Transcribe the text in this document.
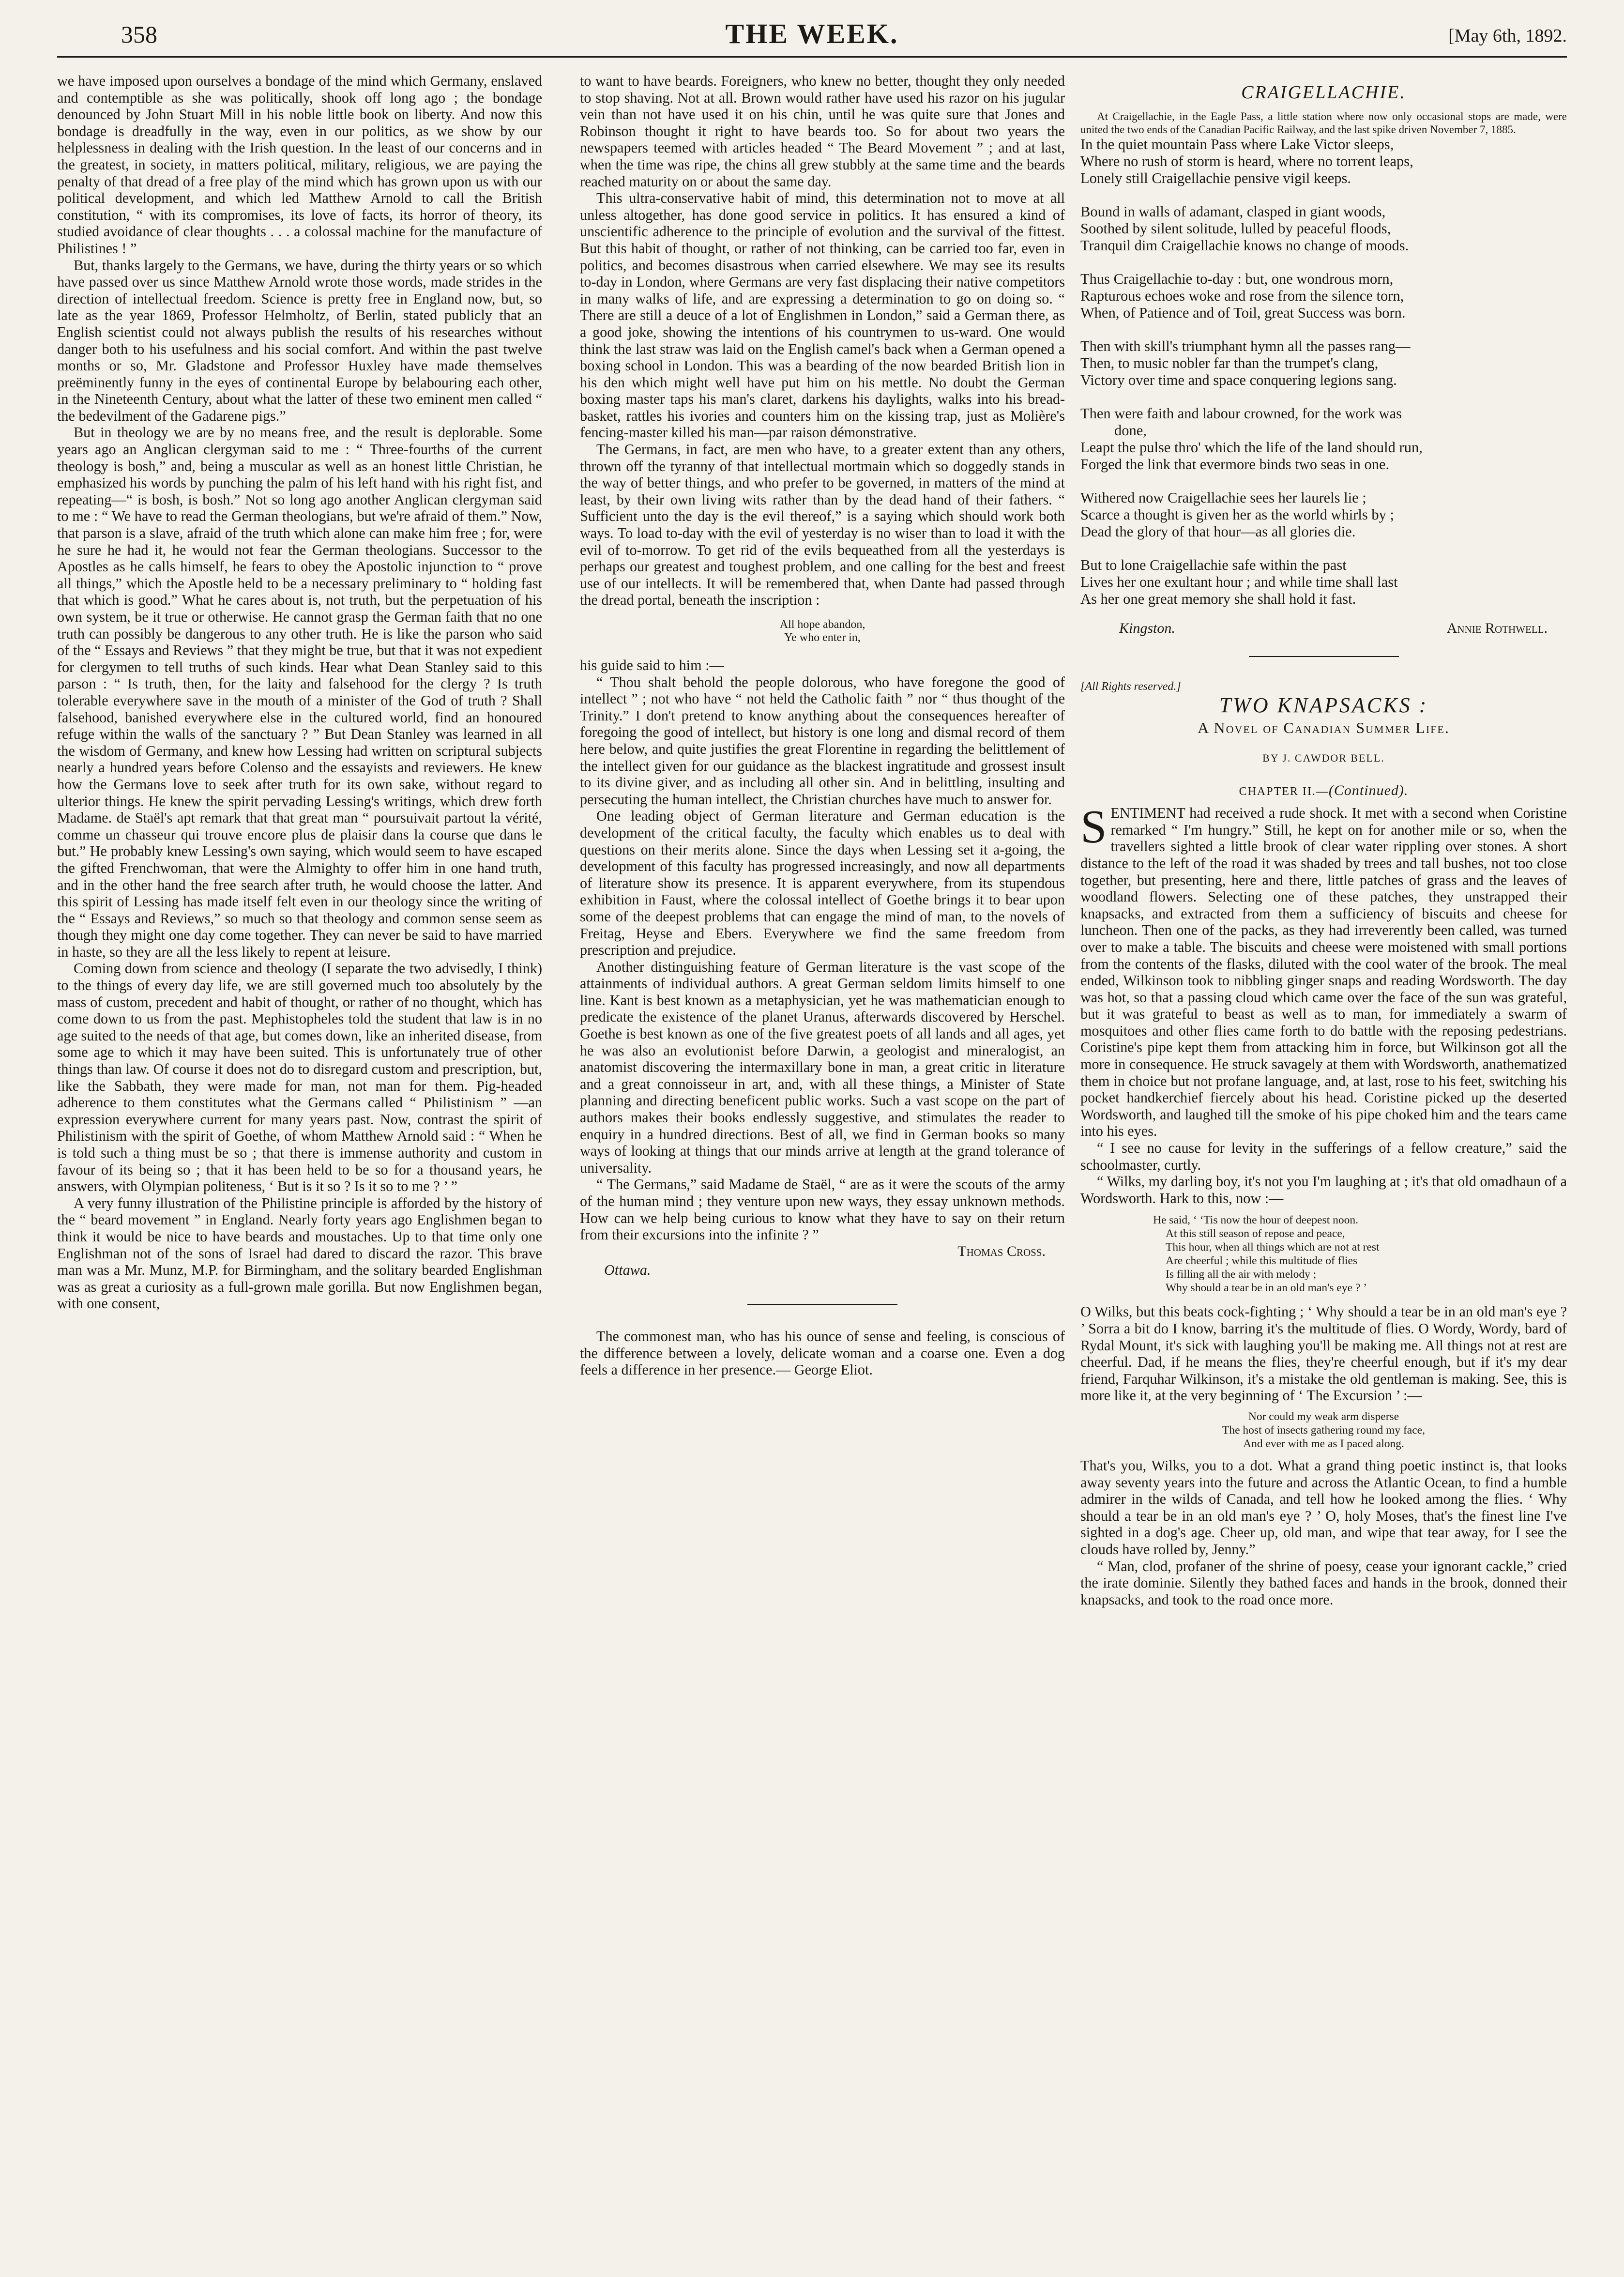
358	THE WEEK.	[May 6th, 1892.

we have imposed upon ourselves a bondage of the mind which Germany, enslaved and contemptible as she was politically, shook off long ago ; the bondage denounced by John Stuart Mill in his noble little book on liberty. And now this bondage is dreadfully in the way, even in our politics, as we show by our helplessness in dealing with the Irish question. In the least of our concerns and in the greatest, in society, in matters political, military, religious, we are paying the penalty of that dread of a free play of the mind which has grown upon us with our political development, and which led Matthew Arnold to call the British constitution, “ with its compromises, its love of facts, its horror of theory, its studied avoidance of clear thoughts . . . a colossal machine for the manufacture of Philistines ! ”

But, thanks largely to the Germans, we have, during the thirty years or so which have passed over us since Matthew Arnold wrote those words, made strides in the direction of intellectual freedom. Science is pretty free in England now, but, so late as the year 1869, Professor Helmholtz, of Berlin, stated publicly that an English scientist could not always publish the results of his researches without danger both to his usefulness and his social comfort. And within the past twelve months or so, Mr. Gladstone and Professor Huxley have made themselves preëminently funny in the eyes of continental Europe by belabouring each other, in the Nineteenth Century, about what the latter of these two eminent men called “ the bedevilment of the Gadarene pigs.”

But in theology we are by no means free, and the result is deplorable. Some years ago an Anglican clergyman said to me : “ Three-fourths of the current theology is bosh,” and, being a muscular as well as an honest little Christian, he emphasized his words by punching the palm of his left hand with his right fist, and repeating—“ is bosh, is bosh.” Not so long ago another Anglican clergyman said to me : “ We have to read the German theologians, but we're afraid of them.” Now, that parson is a slave, afraid of the truth which alone can make him free ; for, were he sure he had it, he would not fear the German theologians. Successor to the Apostles as he calls himself, he fears to obey the Apostolic injunction to “ prove all things,” which the Apostle held to be a necessary preliminary to “ holding fast that which is good.” What he cares about is, not truth, but the perpetuation of his own system, be it true or otherwise. He cannot grasp the German faith that no one truth can possibly be dangerous to any other truth. He is like the parson who said of the “ Essays and Reviews ” that they might be true, but that it was not expedient for clergymen to tell truths of such kinds. Hear what Dean Stanley said to this parson : “ Is truth, then, for the laity and falsehood for the clergy ? Is truth tolerable everywhere save in the mouth of a minister of the God of truth ? Shall falsehood, banished everywhere else in the cultured world, find an honoured refuge within the walls of the sanctuary ? ” But Dean Stanley was learned in all the wisdom of Germany, and knew how Lessing had written on scriptural subjects nearly a hundred years before Colenso and the essayists and reviewers. He knew how the Germans love to seek after truth for its own sake, without regard to ulterior things. He knew the spirit pervading Lessing's writings, which drew forth Madame. de Staël's apt remark that that great man “ poursuivait partout la vérité, comme un chasseur qui trouve encore plus de plaisir dans la course que dans le but.” He probably knew Lessing's own saying, which would seem to have escaped the gifted Frenchwoman, that were the Almighty to offer him in one hand truth, and in the other hand the free search after truth, he would choose the latter. And this spirit of Lessing has made itself felt even in our theology since the writing of the “ Essays and Reviews,” so much so that theology and common sense seem as though they might one day come together. They can never be said to have married in haste, so they are all the less likely to repent at leisure.

Coming down from science and theology (I separate the two advisedly, I think) to the things of every day life, we are still governed much too absolutely by the mass of custom, precedent and habit of thought, or rather of no thought, which has come down to us from the past. Mephistopheles told the student that law is in no age suited to the needs of that age, but comes down, like an inherited disease, from some age to which it may have been suited. This is unfortunately true of other things than law. Of course it does not do to disregard custom and prescription, but, like the Sabbath, they were made for man, not man for them. Pig-headed adherence to them constitutes what the Germans called “ Philistinism ” —an expression everywhere current for many years past. Now, contrast the spirit of Philistinism with the spirit of Goethe, of whom Matthew Arnold said : “ When he is told such a thing must be so ; that there is immense authority and custom in favour of its being so ; that it has been held to be so for a thousand years, he answers, with Olympian politeness, ‘ But is it so ? Is it so to me ? ’ ”

A very funny illustration of the Philistine principle is afforded by the history of the “ beard movement ” in England. Nearly forty years ago Englishmen began to think it would be nice to have beards and moustaches. Up to that time only one Englishman not of the sons of Israel had dared to discard the razor. This brave man was a Mr. Munz, M.P. for Birmingham, and the solitary bearded Englishman was as great a curiosity as a full-grown male gorilla. But now Englishmen began, with one consent,

to want to have beards. Foreigners, who knew no better, thought they only needed to stop shaving. Not at all. Brown would rather have used his razor on his jugular vein than not have used it on his chin, until he was quite sure that Jones and Robinson thought it right to have beards too. So for about two years the newspapers teemed with articles headed “ The Beard Movement ” ; and at last, when the time was ripe, the chins all grew stubbly at the same time and the beards reached maturity on or about the same day.

This ultra-conservative habit of mind, this determination not to move at all unless altogether, has done good service in politics. It has ensured a kind of unscientific adherence to the principle of evolution and the survival of the fittest. But this habit of thought, or rather of not thinking, can be carried too far, even in politics, and becomes disastrous when carried elsewhere. We may see its results to-day in London, where Germans are very fast displacing their native competitors in many walks of life, and are expressing a determination to go on doing so. “ There are still a deuce of a lot of Englishmen in London,” said a German there, as a good joke, showing the intentions of his countrymen to us-ward. One would think the last straw was laid on the English camel's back when a German opened a boxing school in London. This was a bearding of the now bearded British lion in his den which might well have put him on his mettle. No doubt the German boxing master taps his man's claret, darkens his daylights, walks into his bread-basket, rattles his ivories and counters him on the kissing trap, just as Molière's fencing-master killed his man—par raison démonstrative.

The Germans, in fact, are men who have, to a greater extent than any others, thrown off the tyranny of that intellectual mortmain which so doggedly stands in the way of better things, and who prefer to be governed, in matters of the mind at least, by their own living wits rather than by the dead hand of their fathers. “ Sufficient unto the day is the evil thereof,” is a saying which should work both ways. To load to-day with the evil of yesterday is no wiser than to load it with the evil of to-morrow. To get rid of the evils bequeathed from all the yesterdays is perhaps our greatest and toughest problem, and one calling for the best and freest use of our intellects. It will be remembered that, when Dante had passed through the dread portal, beneath the inscription :

All hope abandon,
Ye who enter in,

his guide said to him :—

“ Thou shalt behold the people dolorous, who have foregone the good of intellect ” ; not who have “ not held the Catholic faith ” nor “ thus thought of the Trinity.” I don't pretend to know anything about the consequences hereafter of foregoing the good of intellect, but history is one long and dismal record of them here below, and quite justifies the great Florentine in regarding the belittlement of the intellect given for our guidance as the blackest ingratitude and grossest insult to its divine giver, and as including all other sin. And in belittling, insulting and persecuting the human intellect, the Christian churches have much to answer for.

One leading object of German literature and German education is the development of the critical faculty, the faculty which enables us to deal with questions on their merits alone. Since the days when Lessing set it a-going, the development of this faculty has progressed increasingly, and now all departments of literature show its presence. It is apparent everywhere, from its stupendous exhibition in Faust, where the colossal intellect of Goethe brings it to bear upon some of the deepest problems that can engage the mind of man, to the novels of Freitag, Heyse and Ebers. Everywhere we find the same freedom from prescription and prejudice.

Another distinguishing feature of German literature is the vast scope of the attainments of individual authors. A great German seldom limits himself to one line. Kant is best known as a metaphysician, yet he was mathematician enough to predicate the existence of the planet Uranus, afterwards discovered by Herschel. Goethe is best known as one of the five greatest poets of all lands and all ages, yet he was also an evolutionist before Darwin, a geologist and mineralogist, an anatomist discovering the intermaxillary bone in man, a great critic in literature and a great connoisseur in art, and, with all these things, a Minister of State planning and directing beneficent public works. Such a vast scope on the part of authors makes their books endlessly suggestive, and stimulates the reader to enquiry in a hundred directions. Best of all, we find in German books so many ways of looking at things that our minds arrive at length at the grand tolerance of universality.

“ The Germans,” said Madame de Staël, “ are as it were the scouts of the army of the human mind ; they venture upon new ways, they essay unknown methods. How can we help being curious to know what they have to say on their return from their excursions into the infinite ? ”

Thomas Cross.
Ottawa.

The commonest man, who has his ounce of sense and feeling, is conscious of the difference between a lovely, delicate woman and a coarse one. Even a dog feels a difference in her presence.— George Eliot.

CRAIGELLACHIE.

At Craigellachie, in the Eagle Pass, a little station where now only occasional stops are made, were united the two ends of the Canadian Pacific Railway, and the last spike driven November 7, 1885.

In the quiet mountain Pass where Lake Victor sleeps,
Where no rush of storm is heard, where no torrent leaps,
Lonely still Craigellachie pensive vigil keeps.
Bound in walls of adamant, clasped in giant woods,
Soothed by silent solitude, lulled by peaceful floods,
Tranquil dim Craigellachie knows no change of moods.
Thus Craigellachie to-day : but, one wondrous morn,
Rapturous echoes woke and rose from the silence torn,
When, of Patience and of Toil, great Success was born.
Then with skill's triumphant hymn all the passes rang—
Then, to music nobler far than the trumpet's clang,
Victory over time and space conquering legions sang.
Then were faith and labour crowned, for the work was
done,
Leapt the pulse thro' which the life of the land should run,
Forged the link that evermore binds two seas in one.
Withered now Craigellachie sees her laurels lie ;
Scarce a thought is given her as the world whirls by ;
Dead the glory of that hour—as all glories die.
But to lone Craigellachie safe within the past
Lives her one exultant hour ; and while time shall last
As her one great memory she shall hold it fast.
Kingston.	Annie Rothwell.
[All Rights reserved.]
TWO KNAPSACKS :
A Novel of Canadian Summer Life.
BY J. CAWDOR BELL.
CHAPTER II.—(Continued).

SENTIMENT had received a rude shock. It met with a second when Coristine remarked “ I'm hungry.” Still, he kept on for another mile or so, when the travellers sighted a little brook of clear water rippling over stones. A short distance to the left of the road it was shaded by trees and tall bushes, not too close together, but presenting, here and there, little patches of grass and the leaves of woodland flowers. Selecting one of these patches, they unstrapped their knapsacks, and extracted from them a sufficiency of biscuits and cheese for luncheon. Then one of the packs, as they had irreverently been called, was turned over to make a table. The biscuits and cheese were moistened with small portions from the contents of the flasks, diluted with the cool water of the brook. The meal ended, Wilkinson took to nibbling ginger snaps and reading Wordsworth. The day was hot, so that a passing cloud which came over the face of the sun was grateful, but it was grateful to beast as well as to man, for immediately a swarm of mosquitoes and other flies came forth to do battle with the reposing pedestrians. Coristine's pipe kept them from attacking him in force, but Wilkinson got all the more in consequence. He struck savagely at them with Wordsworth, anathematized them in choice but not profane language, and, at last, rose to his feet, switching his pocket handkerchief fiercely about his head. Coristine picked up the deserted Wordsworth, and laughed till the smoke of his pipe choked him and the tears came into his eyes.

“ I see no cause for levity in the sufferings of a fellow creature,” said the schoolmaster, curtly.

“ Wilks, my darling boy, it's not you I'm laughing at ; it's that old omadhaun of a Wordsworth. Hark to this, now :—

He said, ‘ ‘Tis now the hour of deepest noon.
At this still season of repose and peace,
This hour, when all things which are not at rest
Are cheerful ; while this multitude of flies
Is filling all the air with melody ;
Why should a tear be in an old man's eye ? ’

O Wilks, but this beats cock-fighting ; ‘ Why should a tear be in an old man's eye ? ’ Sorra a bit do I know, barring it's the multitude of flies. O Wordy, Wordy, bard of Rydal Mount, it's sick with laughing you'll be making me. All things not at rest are cheerful. Dad, if he means the flies, they're cheerful enough, but if it's my dear friend, Farquhar Wilkinson, it's a mistake the old gentleman is making. See, this is more like it, at the very beginning of ‘ The Excursion ’ :—

Nor could my weak arm disperse
The host of insects gathering round my face,
And ever with me as I paced along.

That's you, Wilks, you to a dot. What a grand thing poetic instinct is, that looks away seventy years into the future and across the Atlantic Ocean, to find a humble admirer in the wilds of Canada, and tell how he looked among the flies. ‘ Why should a tear be in an old man's eye ? ’ O, holy Moses, that's the finest line I've sighted in a dog's age. Cheer up, old man, and wipe that tear away, for I see the clouds have rolled by, Jenny.”

“ Man, clod, profaner of the shrine of poesy, cease your ignorant cackle,” cried the irate dominie. Silently they bathed faces and hands in the brook, donned their knapsacks, and took to the road once more.
